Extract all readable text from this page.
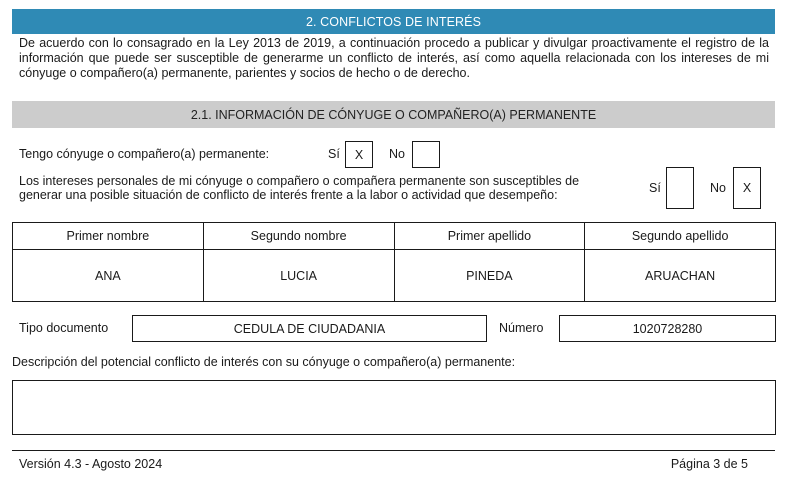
2. CONFLICTOS DE INTERÉS
De acuerdo con lo consagrado en la Ley 2013 de 2019, a continuación procedo a publicar y divulgar proactivamente el registro de la información que puede ser susceptible de generarme un conflicto de interés, así como aquella relacionada con los intereses de mi cónyuge o compañero(a) permanente, parientes y socios de hecho o de derecho.
2.1. INFORMACIÓN DE CÓNYUGE O COMPAÑERO(A) PERMANENTE
Tengo cónyuge o compañero(a) permanente:	Sí	X	No
Los intereses personales de mi cónyuge o compañero o compañera permanente son susceptibles de
generar una posible situación de conflicto de interés frente a la labor o actividad que desempeño:	Sí	No	X
Primer nombre	Segundo nombre	Primer apellido	Segundo apellido
ANA	LUCIA	PINEDA	ARUACHAN
Tipo documento	CEDULA DE CIUDADANIA	Número	1020728280
Descripción del potencial conflicto de interés con su cónyuge o compañero(a) permanente:
Versión 4.3 - Agosto 2024	Página 3 de 5
